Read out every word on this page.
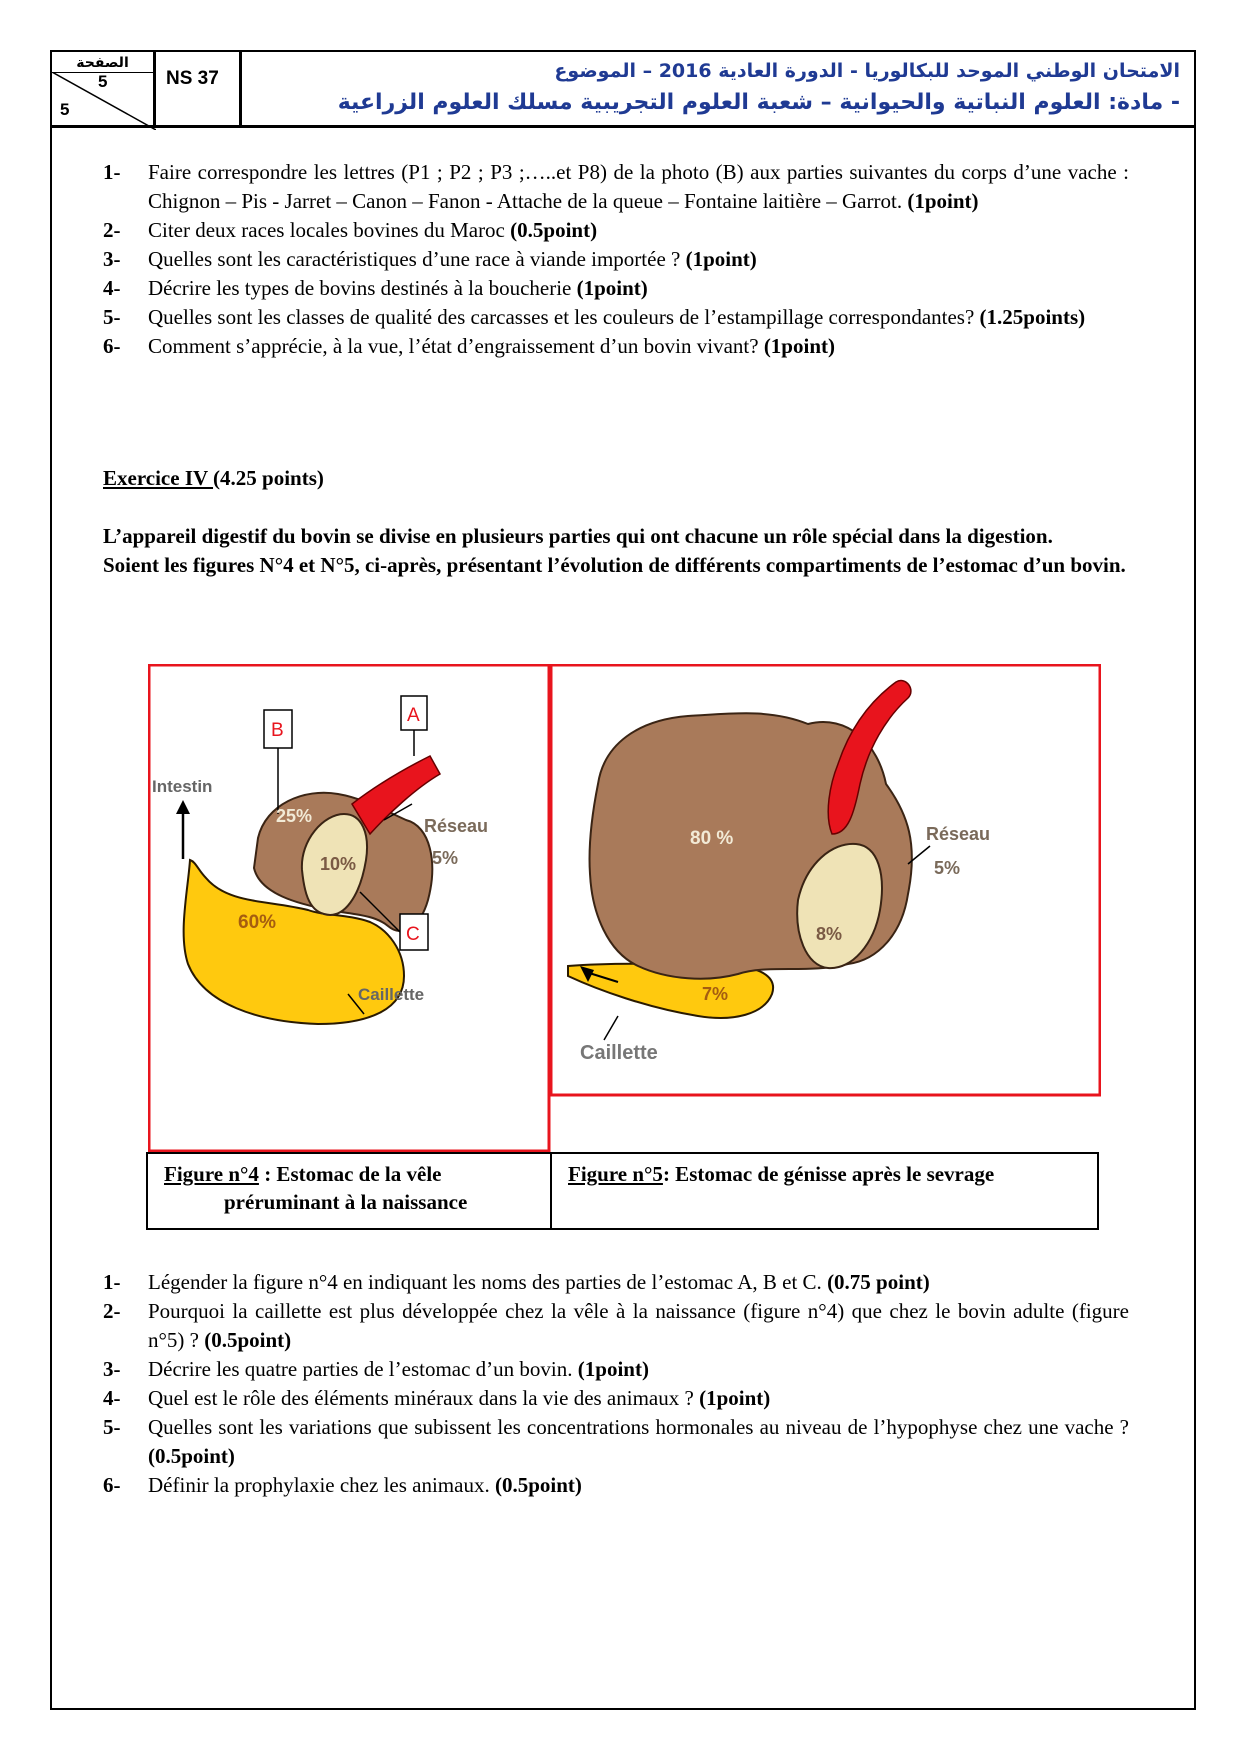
الصفحة
5
5
NS 37	الامتحان الوطني الموحد للبكالوريا - الدورة العادية 2016 – الموضوع
- مادة: العلوم النباتية والحيوانية – شعبة العلوم التجريبية مسلك العلوم الزراعية
1-	Faire correspondre les lettres (P1 ; P2 ; P3 ;…..et P8) de la photo (B) aux parties suivantes du corps d’une vache : Chignon – Pis - Jarret – Canon – Fanon - Attache de la queue – Fontaine laitière – Garrot. (1point)
2-	Citer deux races locales bovines du Maroc (0.5point)
3-	Quelles sont les caractéristiques d’une race à viande importée ? (1point)
4-	Décrire les types de bovins destinés à la boucherie (1point)
5-	Quelles sont les classes de qualité des carcasses et les couleurs de l’estampillage correspondantes? (1.25points)
6-	Comment s’apprécie, à la vue, l’état d’engraissement d’un bovin vivant? (1point)
Exercice IV (4.25 points)
L’appareil digestif du bovin se divise en plusieurs parties qui ont chacune un rôle spécial dans la digestion.
Soient les figures N°4 et N°5, ci-après, présentant l’évolution de différents compartiments de l’estomac d’un bovin.
B
A
C
Intestin
25%
10%
Réseau
5%
60%
Caillette
80 %	Réseau
5%
8%
7%
Caillette
Figure n°4 : Estomac de la vêle
préruminant à la naissance
Figure n°5: Estomac de génisse après le sevrage
1-	Légender la figure n°4 en indiquant les noms des parties de l’estomac A, B et C. (0.75 point)
2-	Pourquoi la caillette est plus développée chez la vêle à la naissance (figure n°4) que chez le bovin adulte (figure n°5) ? (0.5point)
3-	Décrire les quatre parties de l’estomac d’un bovin. (1point)
4-	Quel est le rôle des éléments minéraux dans la vie des animaux ? (1point)
5-	Quelles sont les variations que subissent les concentrations hormonales au niveau de l’hypophyse chez une vache ? (0.5point)
6-	Définir la prophylaxie chez les animaux. (0.5point)
